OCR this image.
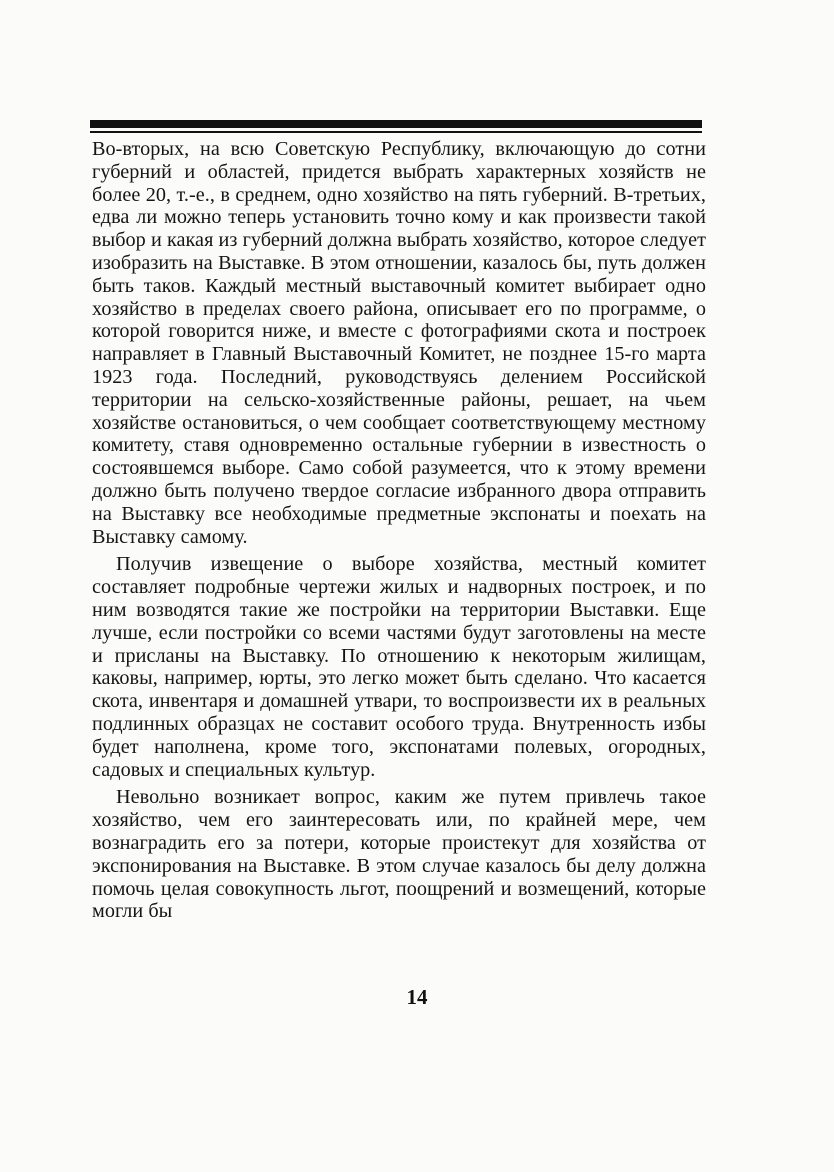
Во-вторых, на всю Советскую Республику, включающую до сотни губерний и областей, придется выбрать характерных хозяйств не более 20, т.-е., в среднем, одно хозяйство на пять губерний. В-третьих, едва ли можно теперь установить точно кому и как произвести такой выбор и какая из губерний должна выбрать хозяйство, которое следует изобразить на Выставке. В этом отношении, казалось бы, путь должен быть таков. Каждый местный выставочный комитет выбирает одно хозяйство в пределах своего района, описывает его по программе, о которой говорится ниже, и вместе с фотографиями скота и построек направляет в Главный Выставочный Комитет, не позднее 15-го марта 1923 года. Последний, руководствуясь делением Российской территории на сельско-хозяйственные районы, решает, на чьем хозяйстве остановиться, о чем сообщает соответствующему местному комитету, ставя одновременно остальные губернии в известность о состоявшемся выборе. Само собой разумеется, что к этому времени должно быть получено твердое согласие избранного двора отправить на Выставку все необходимые предметные экспонаты и поехать на Выставку самому.

Получив извещение о выборе хозяйства, местный комитет составляет подробные чертежи жилых и надворных построек, и по ним возводятся такие же постройки на территории Выставки. Еще лучше, если постройки со всеми частями будут заготовлены на месте и присланы на Выставку. По отношению к некоторым жилищам, каковы, например, юрты, это легко может быть сделано. Что касается скота, инвентаря и домашней утвари, то воспроизвести их в реальных подлинных образцах не составит особого труда. Внутренность избы будет наполнена, кроме того, экспонатами полевых, огородных, садовых и специальных культур.

Невольно возникает вопрос, каким же путем привлечь такое хозяйство, чем его заинтересовать или, по крайней мере, чем вознаградить его за потери, которые проистекут для хозяйства от экспонирования на Выставке. В этом случае казалось бы делу должна помочь целая совокупность льгот, поощрений и возмещений, которые могли бы

14
